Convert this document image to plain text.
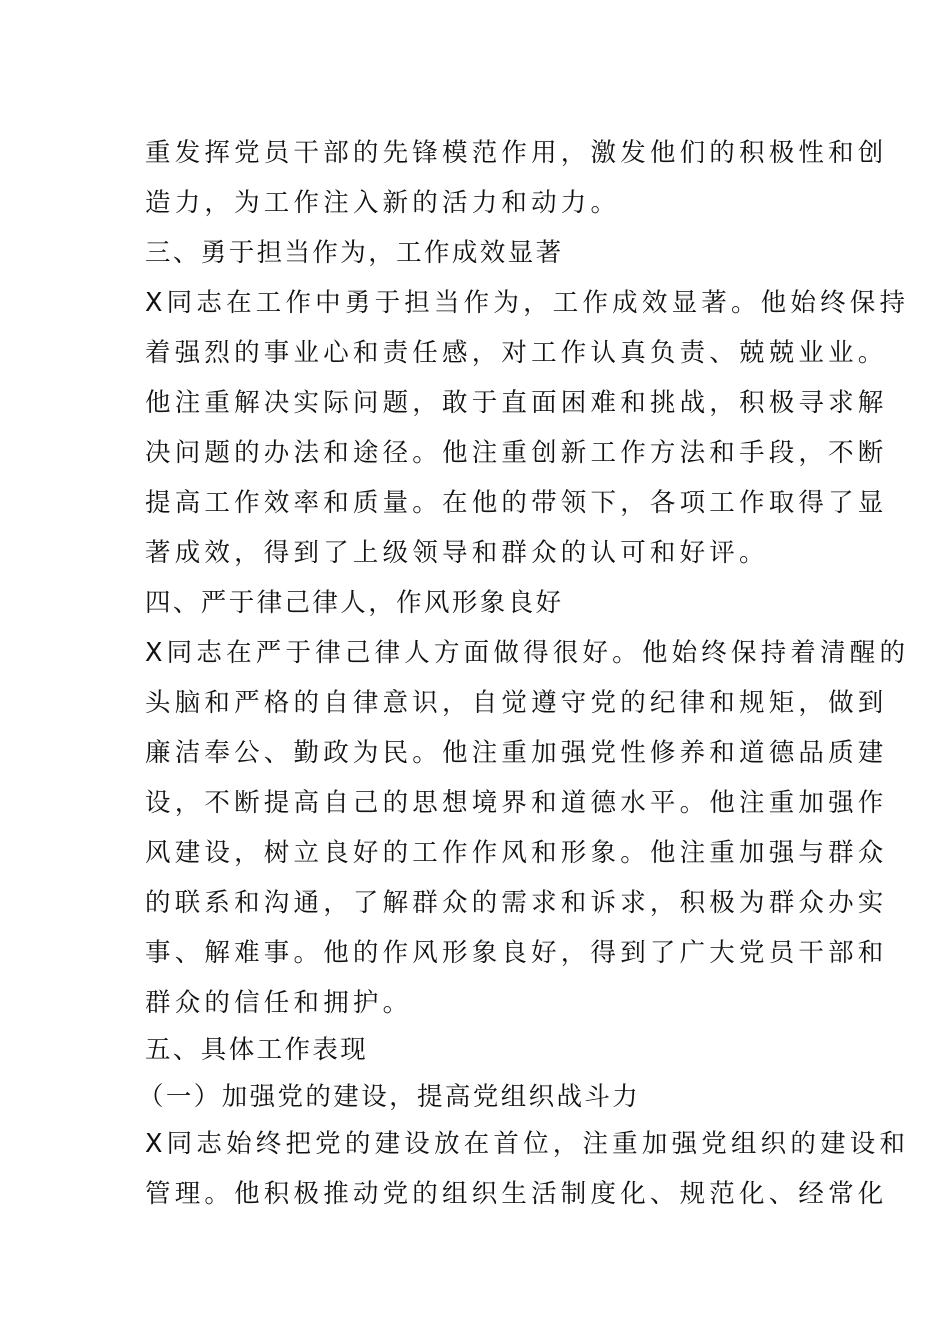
重发挥党员干部的先锋模范作用，激发他们的积极性和创
造力，为工作注入新的活力和动力。
三、勇于担当作为，工作成效显著
X同志在工作中勇于担当作为，工作成效显著。他始终保持
着强烈的事业心和责任感，对工作认真负责、兢兢业业。
他注重解决实际问题，敢于直面困难和挑战，积极寻求解
决问题的办法和途径。他注重创新工作方法和手段，不断
提高工作效率和质量。在他的带领下，各项工作取得了显
著成效，得到了上级领导和群众的认可和好评。
四、严于律己律人，作风形象良好
X同志在严于律己律人方面做得很好。他始终保持着清醒的
头脑和严格的自律意识，自觉遵守党的纪律和规矩，做到
廉洁奉公、勤政为民。他注重加强党性修养和道德品质建
设，不断提高自己的思想境界和道德水平。他注重加强作
风建设，树立良好的工作作风和形象。他注重加强与群众
的联系和沟通，了解群众的需求和诉求，积极为群众办实
事、解难事。他的作风形象良好，得到了广大党员干部和
群众的信任和拥护。
五、具体工作表现
（一）加强党的建设，提高党组织战斗力
X同志始终把党的建设放在首位，注重加强党组织的建设和
管理。他积极推动党的组织生活制度化、规范化、经常化
